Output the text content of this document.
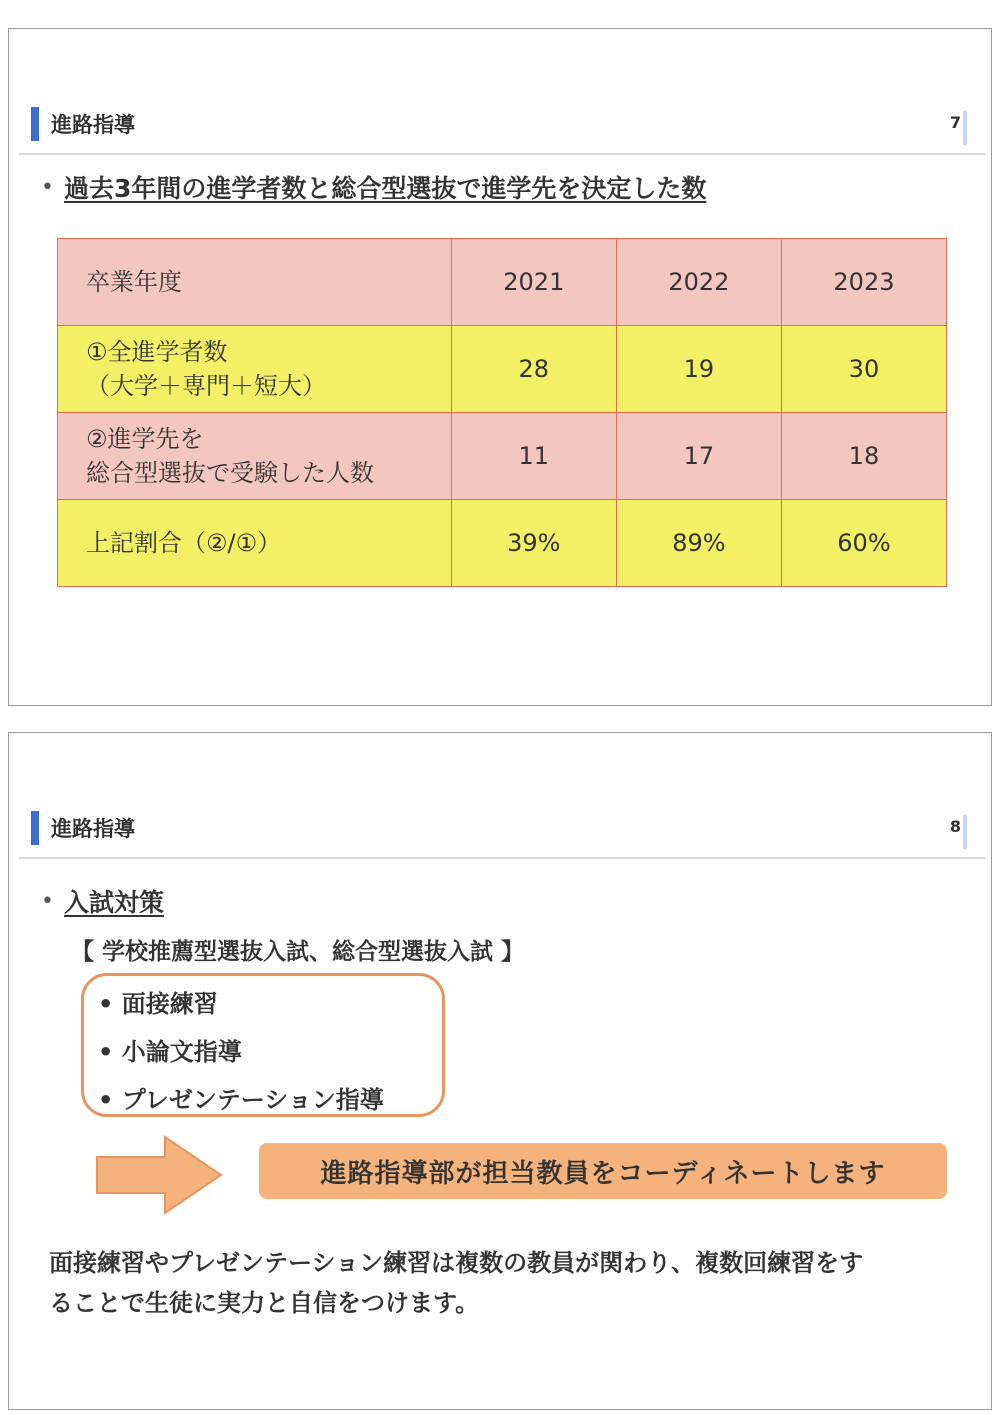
進路指導	7
• 過去3年間の進学者数と総合型選抜で進学先を決定した数
卒業年度	2021	2022	2023

①全進学者数
（大学＋専門＋短大）	28	19	30

②進学先を
総合型選抜で受験した人数	11	17	18
上記割合（②/①）	39%	89%	60%
進路指導	8
• 入試対策
【 学校推薦型選抜入試、総合型選抜入試 】
• 面接練習
• 小論文指導
• プレゼンテーション指導
進路指導部が担当教員をコーディネートします
面接練習やプレゼンテーション練習は複数の教員が関わり、複数回練習をす
ることで生徒に実力と自信をつけます。
